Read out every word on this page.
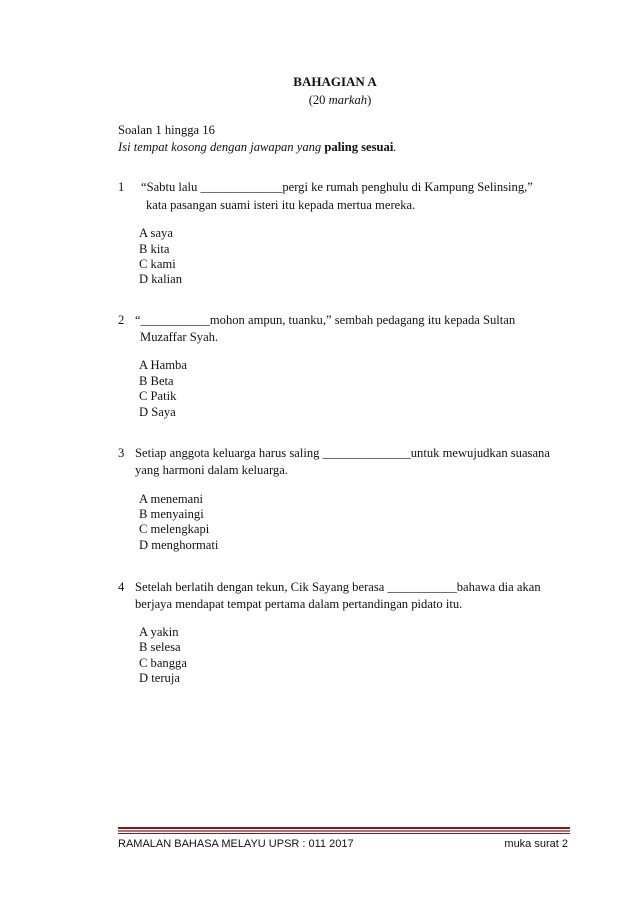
BAHAGIAN A
(20 markah)
Soalan 1 hingga 16
Isi tempat kosong dengan jawapan yang paling sesuai.
1 “Sabtu lalu _____________pergi ke rumah penghulu di Kampung Selinsing,”
kata pasangan suami isteri itu kepada mertua mereka.
A saya
B kita
C kami
D kalian
2 “___________mohon ampun, tuanku,” sembah pedagang itu kepada Sultan
Muzaffar Syah.
A Hamba
B Beta
C Patik
D Saya
3 Setiap anggota keluarga harus saling ______________untuk mewujudkan suasana
yang harmoni dalam keluarga.
A menemani
B menyaingi
C melengkapi
D menghormati
4 Setelah berlatih dengan tekun, Cik Sayang berasa ___________bahawa dia akan
berjaya mendapat tempat pertama dalam pertandingan pidato itu.
A yakin
B selesa
C bangga
D teruja
RAMALAN BAHASA MELAYU UPSR : 011 2017	muka surat 2
